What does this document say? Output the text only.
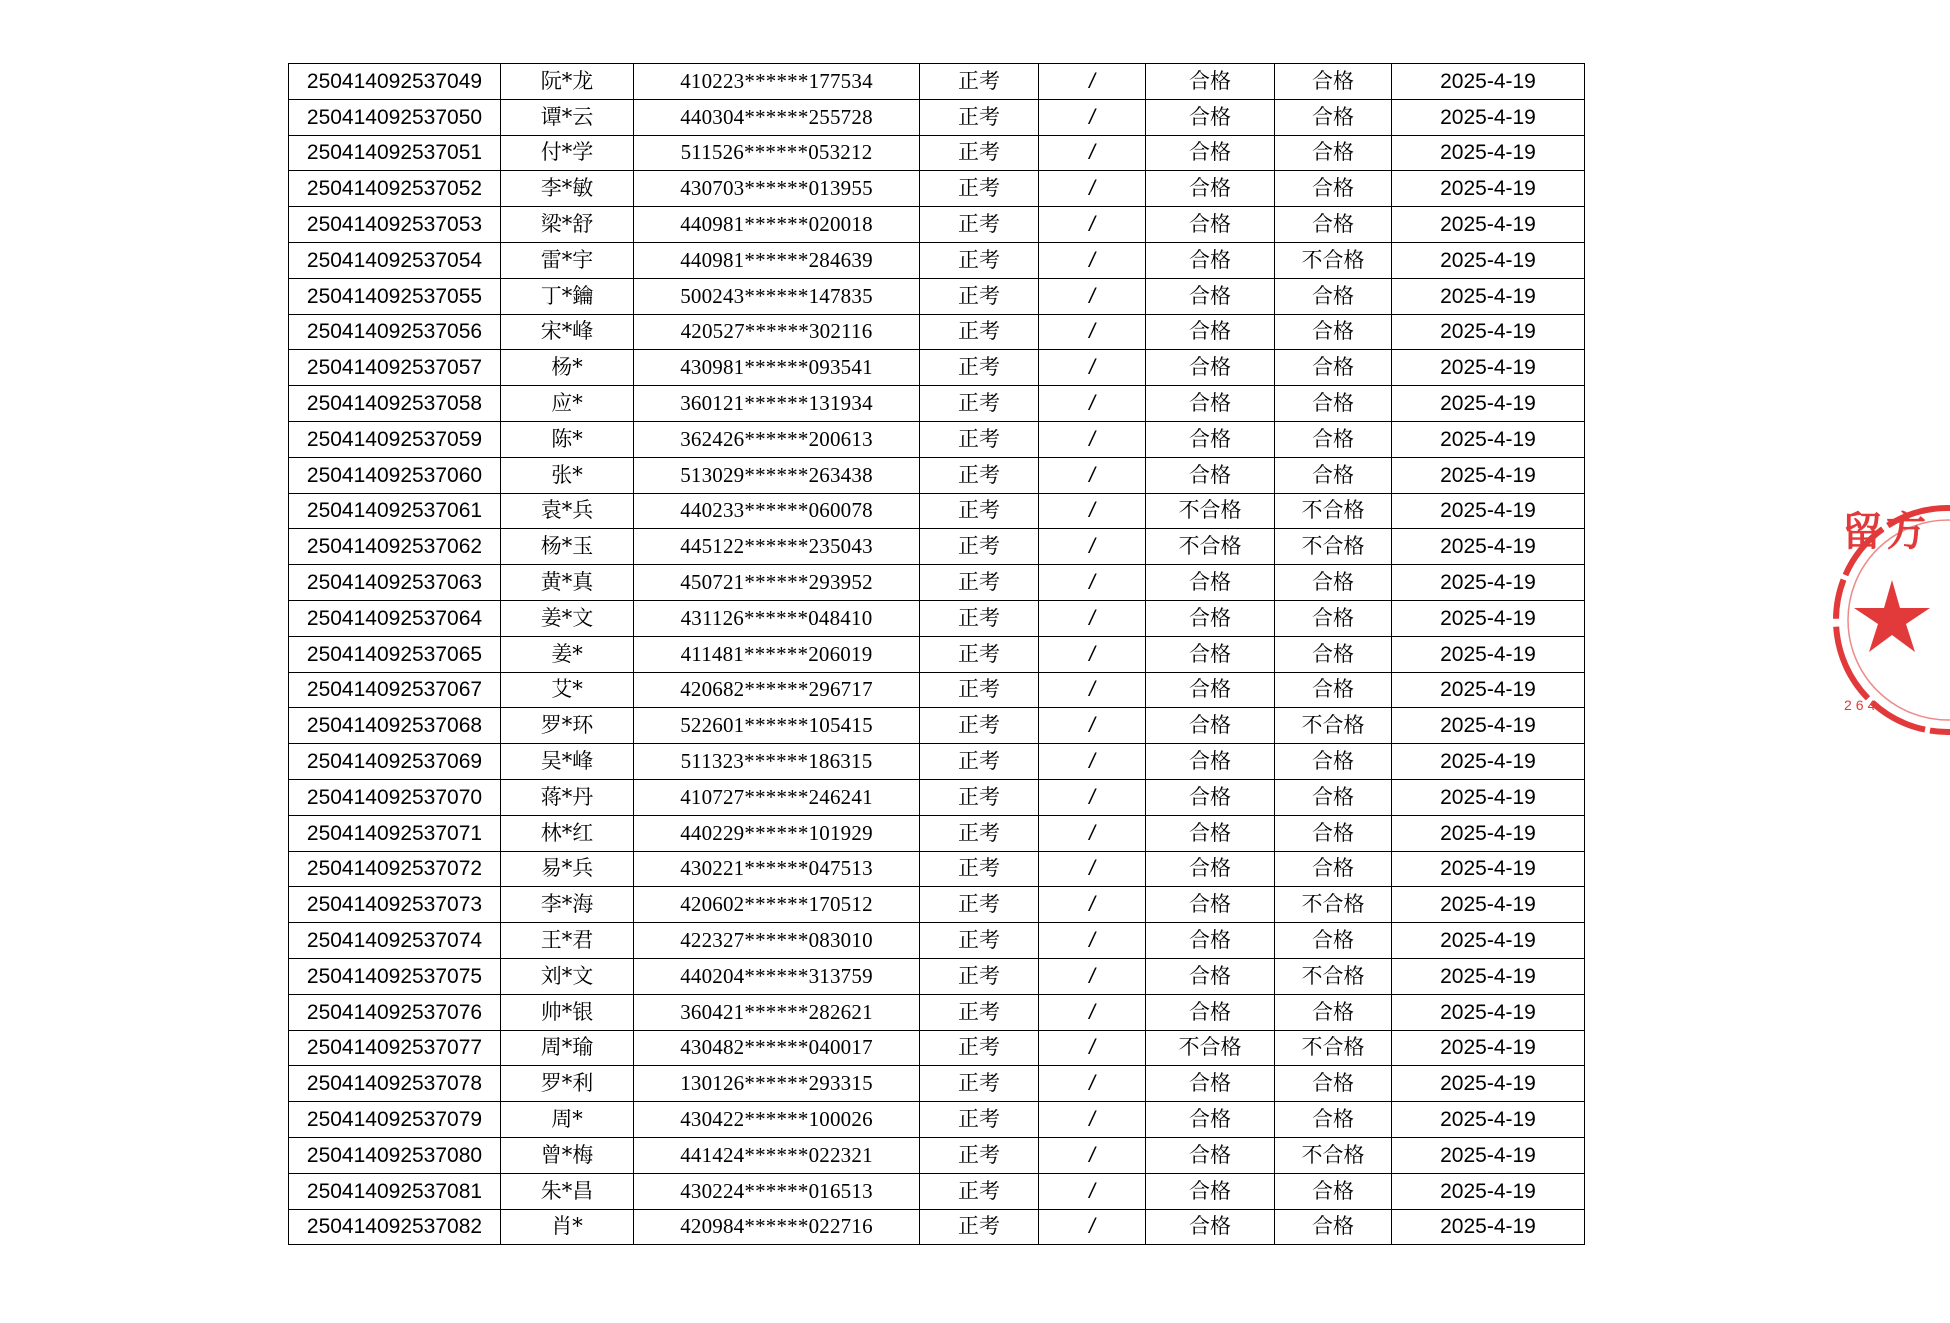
250414092537049	阮*龙	410223******177534	正考	/	合格	合格	2025-4-19
250414092537050	谭*云	440304******255728	正考	/	合格	合格	2025-4-19
250414092537051	付*学	511526******053212	正考	/	合格	合格	2025-4-19
250414092537052	李*敏	430703******013955	正考	/	合格	合格	2025-4-19
250414092537053	梁*舒	440981******020018	正考	/	合格	合格	2025-4-19
250414092537054	雷*宇	440981******284639	正考	/	合格	不合格	2025-4-19
250414092537055	丁*鑰	500243******147835	正考	/	合格	合格	2025-4-19
250414092537056	宋*峰	420527******302116	正考	/	合格	合格	2025-4-19
250414092537057	杨*	430981******093541	正考	/	合格	合格	2025-4-19
250414092537058	应*	360121******131934	正考	/	合格	合格	2025-4-19
250414092537059	陈*	362426******200613	正考	/	合格	合格	2025-4-19
250414092537060	张*	513029******263438	正考	/	合格	合格	2025-4-19
250414092537061	袁*兵	440233******060078	正考	/	不合格	不合格	2025-4-19
250414092537062	杨*玉	445122******235043	正考	/	不合格	不合格	2025-4-19
250414092537063	黄*真	450721******293952	正考	/	合格	合格	2025-4-19
250414092537064	姜*文	431126******048410	正考	/	合格	合格	2025-4-19
250414092537065	姜*	411481******206019	正考	/	合格	合格	2025-4-19
250414092537067	艾*	420682******296717	正考	/	合格	合格	2025-4-19
250414092537068	罗*环	522601******105415	正考	/	合格	不合格	2025-4-19
250414092537069	吴*峰	511323******186315	正考	/	合格	合格	2025-4-19
250414092537070	蒋*丹	410727******246241	正考	/	合格	合格	2025-4-19
250414092537071	林*红	440229******101929	正考	/	合格	合格	2025-4-19
250414092537072	易*兵	430221******047513	正考	/	合格	合格	2025-4-19
250414092537073	李*海	420602******170512	正考	/	合格	不合格	2025-4-19
250414092537074	王*君	422327******083010	正考	/	合格	合格	2025-4-19
250414092537075	刘*文	440204******313759	正考	/	合格	不合格	2025-4-19
250414092537076	帅*银	360421******282621	正考	/	合格	合格	2025-4-19
250414092537077	周*瑜	430482******040017	正考	/	不合格	不合格	2025-4-19
250414092537078	罗*利	130126******293315	正考	/	合格	合格	2025-4-19
250414092537079	周*	430422******100026	正考	/	合格	合格	2025-4-19
250414092537080	曾*梅	441424******022321	正考	/	合格	不合格	2025-4-19
250414092537081	朱*昌	430224******016513	正考	/	合格	合格	2025-4-19
250414092537082	肖*	420984******022716	正考	/	合格	合格	2025-4-19
留 方
264
